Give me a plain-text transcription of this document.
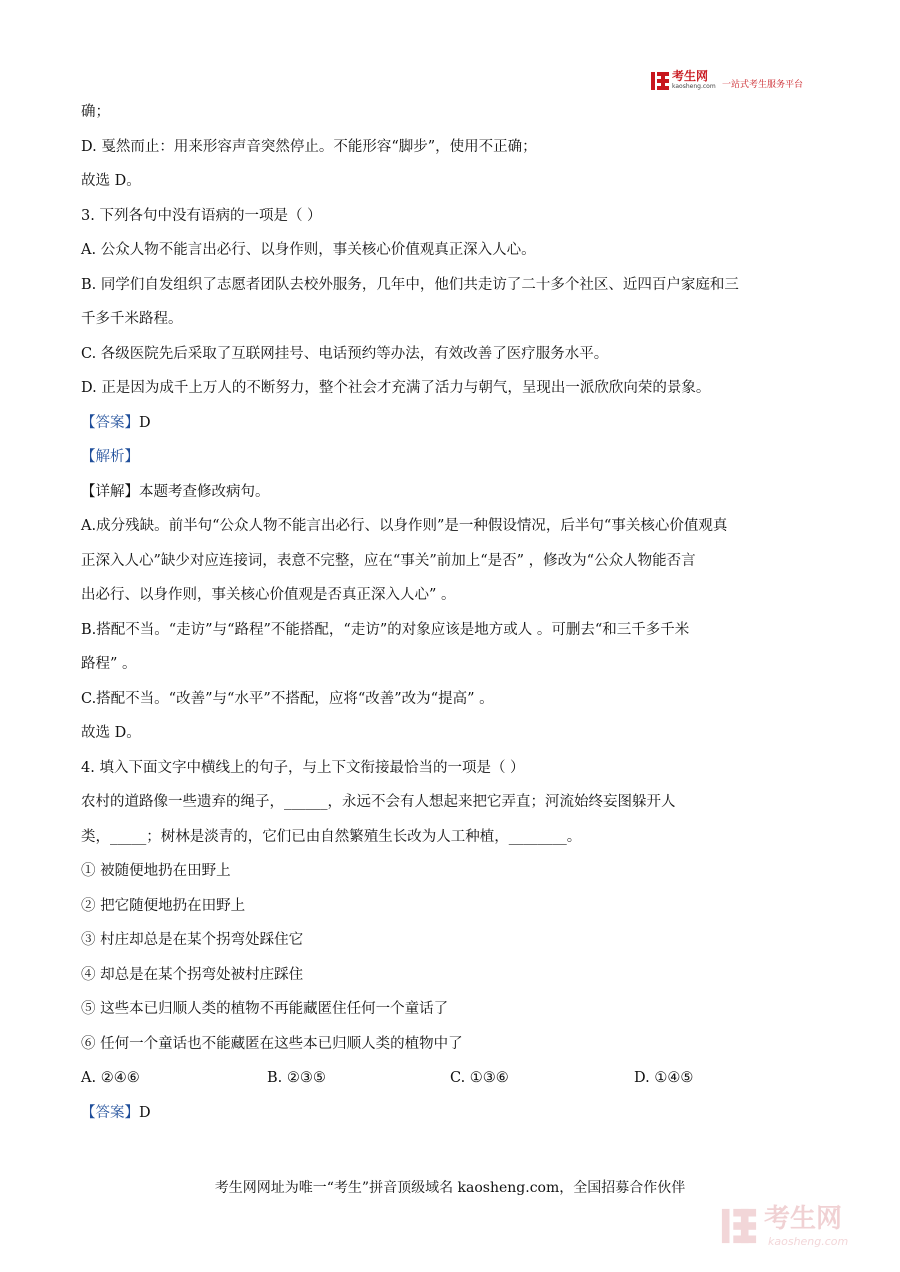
考生网
kaosheng.com 一站式考生服务平台
确；
D. 戛然而止：用来形容声音突然停止。不能形容“脚步”，使用不正确；
故选 D。
3. 下列各句中没有语病的一项是（ ）
A. 公众人物不能言出必行、以身作则，事关核心价值观真正深入人心。
B. 同学们自发组织了志愿者团队去校外服务，几年中，他们共走访了二十多个社区、近四百户家庭和三
千多千米路程。
C. 各级医院先后采取了互联网挂号、电话预约等办法，有效改善了医疗服务水平。
D. 正是因为成千上万人的不断努力，整个社会才充满了活力与朝气，呈现出一派欣欣向荣的景象。
【答案】D
【解析】
【详解】本题考查修改病句。
A.成分残缺。前半句“公众人物不能言出必行、以身作则”是一种假设情况，后半句“事关核心价值观真
正深入人心”缺少对应连接词，表意不完整，应在“事关”前加上“是否” ，修改为“公众人物能否言
出必行、以身作则，事关核心价值观是否真正深入人心” 。
B.搭配不当。“走访”与“路程”不能搭配，“走访”的对象应该是地方或人 。可删去“和三千多千米
路程” 。
C.搭配不当。“改善”与“水平”不搭配，应将“改善”改为“提高” 。
故选 D。
4. 填入下面文字中横线上的句子，与上下文衔接最恰当的一项是（ ）
农村的道路像一些遗弃的绳子，______，永远不会有人想起来把它弄直；河流始终妄图躲开人
类，_____；树林是淡青的，它们已由自然繁殖生长改为人工种植，________。
① 被随便地扔在田野上
② 把它随便地扔在田野上
③ 村庄却总是在某个拐弯处踩住它
④ 却总是在某个拐弯处被村庄踩住
⑤ 这些本已归顺人类的植物不再能藏匿住任何一个童话了
⑥ 任何一个童话也不能藏匿在这些本已归顺人类的植物中了
A. ②④⑥	B. ②③⑤	C. ①③⑥	D. ①④⑤
【答案】D
考生网网址为唯一“考生”拼音顶级域名 kaosheng.com，全国招募合作伙伴
考生网
kaosheng.com
